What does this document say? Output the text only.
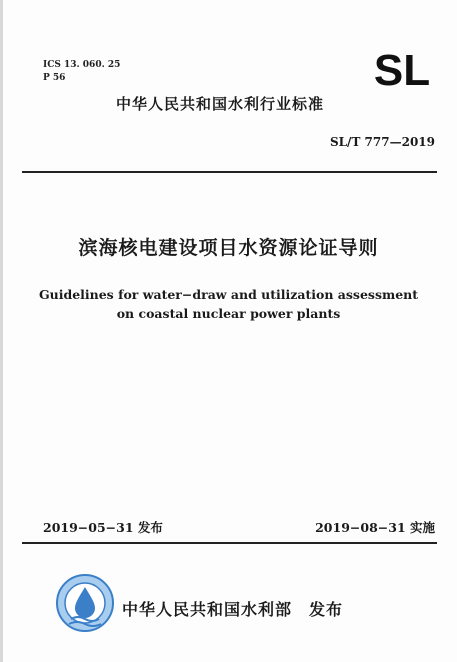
ICS 13. 060. 25
P 56	SL
中华人民共和国水利行业标准
SL/T 777—2019
滨海核电建设项目水资源论证导则
Guidelines for water−draw and utilization assessment
on coastal nuclear power plants
2019−05−31 发布	2019−08−31 实施
中华人民共和国水利部　发布
